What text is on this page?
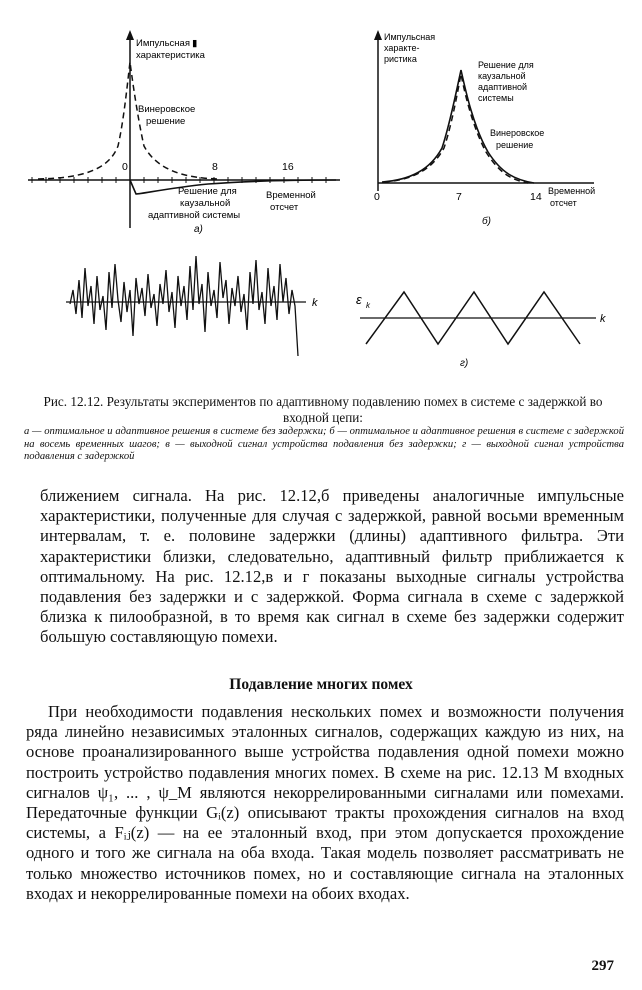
Импульсная ▮
характеристика
Винеровское
решение
0	8	16
Решение для
каузальной
адаптивной системы
Временной
отсчет
а)
Импульсная
характе-
ристика
Решение для
каузальной
адаптивной
системы
Винеровское
решение
0	7	14 Временной
отсчет
б)
k	ε k
k
г)
Рис. 12.12. Результаты экспериментов по адаптивному подавлению помех в системе с задержкой во входной цепи:
а — оптимальное и адаптивное решения в системе без задержки; б — оптимальное и адаптивное решения в системе с задержкой на восемь временных шагов; в — выходной сигнал устройства подавления без задержки; г — выходной сигнал устройства подавления с задержкой
ближением сигнала. На рис. 12.12,б приведены аналогичные импульсные характеристики, полученные для случая с задержкой, равной восьми временным интервалам, т. е. половине задержки (длины) адаптивного фильтра. Эти характеристики близки, следовательно, адаптивный фильтр приближается к оптимальному. На рис. 12.12,в и г показаны выходные сигналы устройства подавления без задержки и с задержкой. Форма сигнала в схеме с задержкой близка к пилообразной, в то время как сигнал в схеме без задержки содержит большую составляющую помехи.
Подавление многих помех
При необходимости подавления нескольких помех и возможности получения ряда линейно независимых эталонных сигналов, содержащих каждую из них, на основе проанализированного выше устройства подавления одной помехи можно построить устройство подавления многих помех. В схеме на рис. 12.13 M входных сигналов ψ₁, ... , ψ_M являются некоррелированными сигналами или помехами. Передаточные функции Gᵢ(z) описывают тракты прохождения сигналов на вход системы, а Fᵢⱼ(z) — на ее эталонный вход, при этом допускается прохождение одного и того же сигнала на оба входа. Такая модель позволяет рассматривать не только множество источников помех, но и составляющие сигнала на эталонных входах и некоррелированные помехи на обоих входах.
297
